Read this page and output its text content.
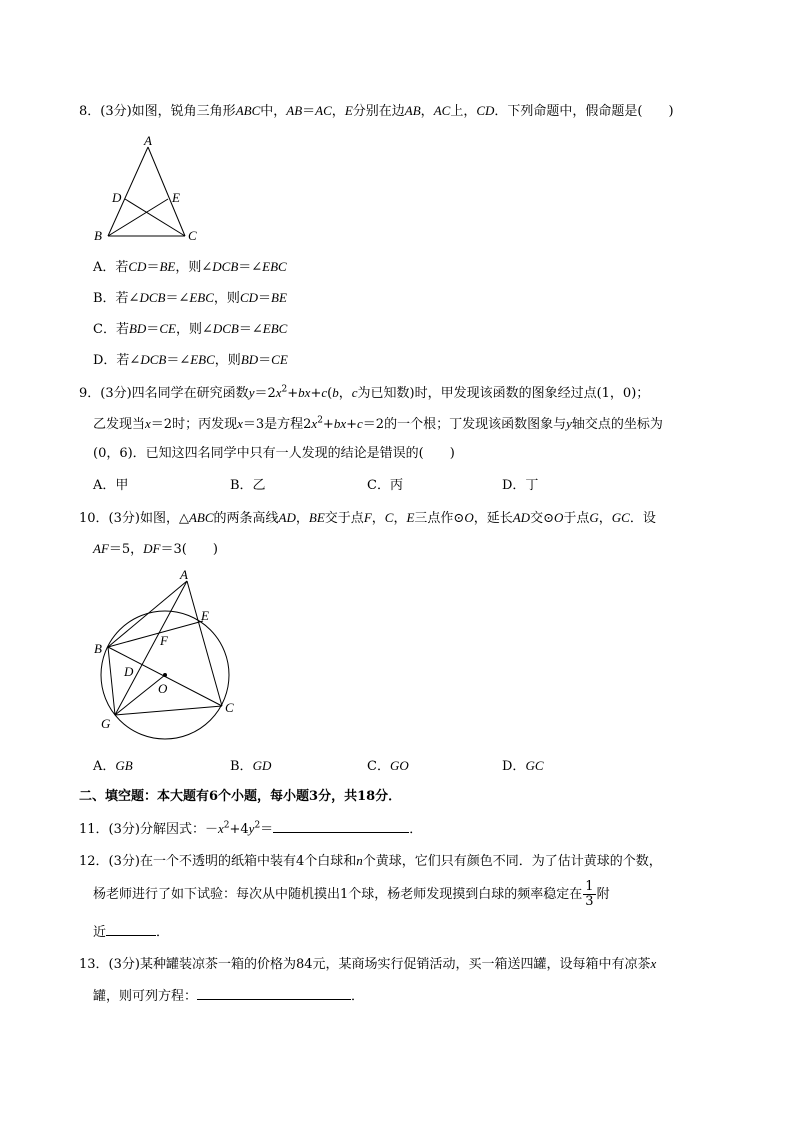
8．(3分)如图，锐角三角形ABC中，AB＝AC，E分别在边AB，AC上，CD．下列命题中，假命题是(　　)
A
B	C
D	E
A．若CD＝BE，则∠DCB＝∠EBC
B．若∠DCB＝∠EBC，则CD＝BE
C．若BD＝CE，则∠DCB＝∠EBC
D．若∠DCB＝∠EBC，则BD＝CE
9．(3分)四名同学在研究函数$y=2x^2+bx+c(b$，c为已知数)时，甲发现该函数的图象经过点(1，0)；
乙发现当x＝2时；丙发现x＝3是方程$2x^2+bx+c=2$的一个根；丁发现该函数图象与y轴交点的坐标为
(0，6)．已知这四名同学中只有一人发现的结论是错误的(　　)
A．甲	B．乙	C．丙	D．丁
10．(3分)如图，△ABC的两条高线AD，BE交于点F，C，E三点作⊙O，延长AD交⊙O于点G，GC．设
AF＝5，DF＝3(　　)
A
B
C
D
E
F
G
O
A．GB	B．GD	C．GO	D．GC
二、填空题：本大题有6个小题，每小题3分，共18分．
11．(3分)分解因式：$-x^2+4y^2=$	．
12．(3分)在一个不透明的纸箱中装有4个白球和n个黄球，它们只有颜色不同．为了估计黄球的个数，
杨老师进行了如下试验：每次从中随机摸出1个球，杨老师发现摸到白球的频率稳定在 $\frac{1}{3}$ 附
近	．
13．(3分)某种罐装凉茶一箱的价格为84元，某商场实行促销活动，买一箱送四罐，设每箱中有凉茶x
罐，则可列方程：	．
